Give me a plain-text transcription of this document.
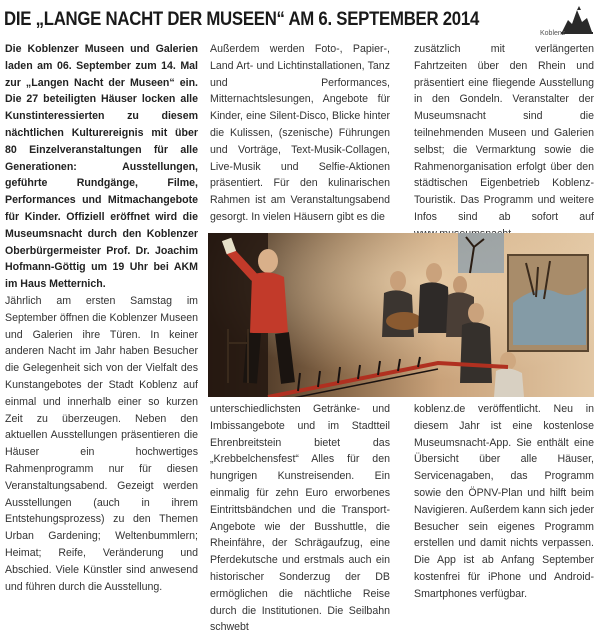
DIE „LANGE NACHT DER MUSEEN“ AM 6. SEPTEMBER 2014
Koblenz

Die Koblenzer Museen und Galerien laden am 06. September zum 14. Mal zur „Langen Nacht der Museen“ ein. Die 27 beteiligten Häuser locken alle Kunstinteressierten zu diesem nächtlichen Kulturereignis mit über 80 Einzelveranstaltungen für alle Generationen: Ausstellungen, geführte Rundgänge, Filme, Performances und Mitmachangebote für Kinder. Offiziell eröffnet wird die Museumsnacht durch den Koblenzer Oberbürgermeister Prof. Dr. Joachim Hofmann-Göttig um 19 Uhr bei AKM im Haus Metternich.

Jährlich am ersten Samstag im September öffnen die Koblenzer Museen und Galerien ihre Türen. In keiner anderen Nacht im Jahr haben Besucher die Gelegenheit sich von der Vielfalt des Kunstangebotes der Stadt Koblenz auf einmal und innerhalb einer so kurzen Zeit zu überzeugen. Neben den aktuellen Ausstellungen präsentieren die Häuser ein hochwertiges Rahmenprogramm nur für diesen Veranstaltungsabend. Gezeigt werden Ausstellungen (auch in ihrem Entstehungsprozess) zu den Themen Urban Gardening; Weltenbummlern; Heimat; Reife, Veränderung und Abschied. Viele Künstler sind anwesend und führen durch die Ausstellung.

Außerdem werden Foto-, Papier-, Land Art- und Lichtinstallationen, Tanz und Performances, Mitternachtslesungen, Angebote für Kinder, eine Silent-Disco, Blicke hinter die Kulissen, (szenische) Führungen und Vorträge, Text-Musik-Collagen, Live-Musik und Selfie-Aktionen präsentiert. Für den kulinarischen Rahmen ist am Veranstaltungsabend gesorgt. In vielen Häusern gibt es die

zusätzlich mit verlängerten Fahrtzeiten über den Rhein und präsentiert eine fliegende Ausstellung in den Gondeln. Veranstalter der Museumsnacht sind die teilnehmenden Museen und Galerien selbst; die Vermarktung sowie die Rahmenorganisation erfolgt über den städtischen Eigenbetrieb Koblenz-Touristik. Das Programm und weitere Infos sind ab sofort auf

unterschiedlichsten Getränke- und Imbissangebote und im Stadtteil Ehrenbreitstein bietet das „Krebbelchensfest“ Alles für den hungrigen Kunstreisenden. Ein einmalig für zehn Euro erworbenes Eintrittsbändchen und die Transport-Angebote wie der Busshuttle, die Rheinfähre, der Schrägaufzug, eine Pferdekutsche und erstmals auch ein historischer Sonderzug der DB ermöglichen die nächtliche Reise durch die Institutionen. Die Seilbahn schwebt

koblenz.de veröffentlicht. Neu in diesem Jahr ist eine kostenlose Museumsnacht-App. Sie enthält eine Übersicht über alle Häuser, Servicenagaben, das Programm sowie den ÖPNV-Plan und hilft beim Navigieren. Außerdem kann sich jeder Besucher sein eigenes Programm erstellen und damit nichts verpassen. Die App ist ab Anfang September kostenfrei für iPhone und Android-Smartphones verfügbar.
